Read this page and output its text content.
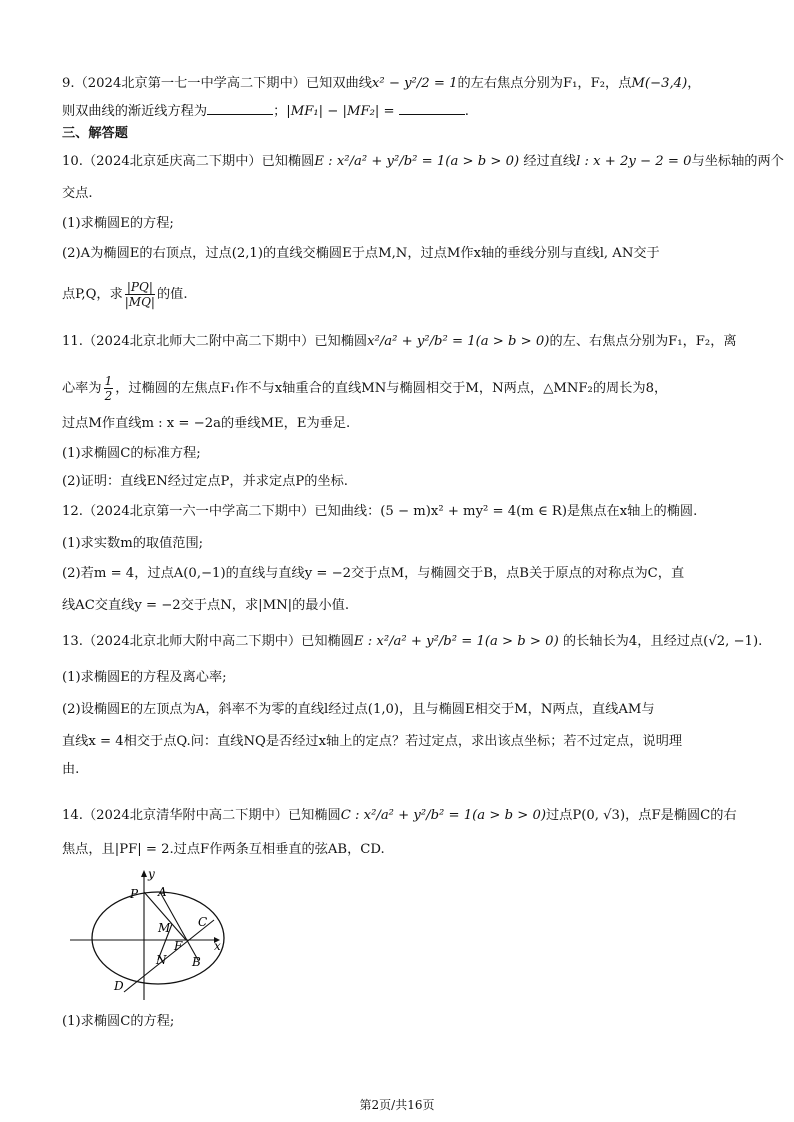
9.（2024北京第一七一中学高二下期中）已知双曲线x² − y²/2 = 1的左右焦点分别为F₁，F₂，点M(−3,4)，
则双曲线的渐近线方程为	；|MF₁| − |MF₂| =	.
三、解答题
10.（2024北京延庆高二下期中）已知椭圆E : x²/a² + y²/b² = 1(a > b > 0) 经过直线l : x + 2y − 2 = 0与坐标轴的两个
交点.
(1)求椭圆E的方程;
(2)A为椭圆E的右顶点，过点(2,1)的直线交椭圆E于点M,N，过点M作x轴的垂线分别与直线l, AN交于
点P,Q，求 $\frac{|PQ|}{|MQ|}$ 的值.
11.（2024北京北师大二附中高二下期中）已知椭圆x²/a² + y²/b² = 1(a > b > 0)的左、右焦点分别为F₁，F₂，离
心率为 $\frac{1}{2}$ ，过椭圆的左焦点F₁作不与x轴重合的直线MN与椭圆相交于M，N两点，△MNF₂的周长为8，
过点M作直线m : x = −2a的垂线ME，E为垂足.
(1)求椭圆C的标准方程;
(2)证明：直线EN经过定点P，并求定点P的坐标.
12.（2024北京第一六一中学高二下期中）已知曲线：(5 − m)x² + my² = 4(m ∈ R)是焦点在x轴上的椭圆.
(1)求实数m的取值范围;
(2)若m = 4，过点A(0,−1)的直线与直线y = −2交于点M，与椭圆交于B，点B关于原点的对称点为C，直
线AC交直线y = −2交于点N，求|MN|的最小值.
13.（2024北京北师大附中高二下期中）已知椭圆E : x²/a² + y²/b² = 1(a > b > 0) 的长轴长为4，且经过点(√2, −1).
(1)求椭圆E的方程及离心率;
(2)设椭圆E的左顶点为A，斜率不为零的直线l经过点(1,0)，且与椭圆E相交于M，N两点，直线AM与
直线x = 4相交于点Q.问：直线NQ是否经过x轴上的定点？若过定点，求出该点坐标；若不过定点，说明理
由.
14.（2024北京清华附中高二下期中）已知椭圆C : x²/a² + y²/b² = 1(a > b > 0)过点P(0, √3)，点F是椭圆C的右
焦点，且|PF| = 2.过点F作两条互相垂直的弦AB，CD.
y
P A
C
M
F	x
N B
D
(1)求椭圆C的方程;
第2页/共16页
